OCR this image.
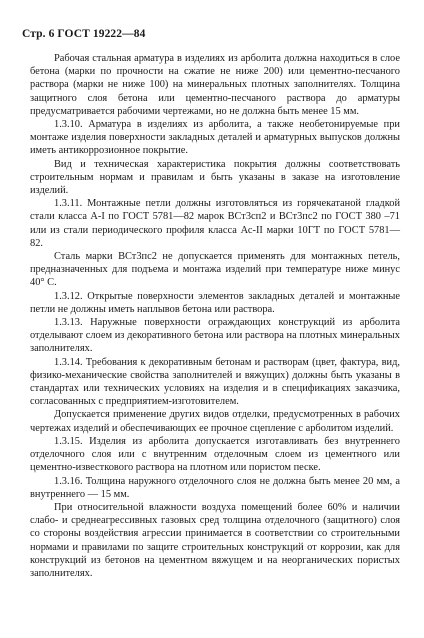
Стр. 6 ГОСТ 19222—84

Рабочая стальная арматура в изделиях из арболита должна находиться в слое бетона (марки по прочности на сжатие не ниже 200) или цементно-песчаного раствора (марки не ниже 100) на минеральных плотных заполнителях. Толщина защитного слоя бетона или цементно-песчаного раствора до арматуры предусматривается рабочими чертежами, но не должна быть менее 15 мм.

1.3.10. Арматура в изделиях из арболита, а также необетонируемые при монтаже изделия поверхности закладных деталей и арматурных выпусков должны иметь антикоррозионное покрытие.

Вид и техническая характеристика покрытия должны соответствовать строительным нормам и правилам и быть указаны в заказе на изготовление изделий.

1.3.11. Монтажные петли должны изготовляться из горячекатаной гладкой стали класса А-I по ГОСТ 5781—82 марок ВСт3сп2 и ВСт3пс2 по ГОСТ 380 –71 или из стали периодического профиля класса Ас-II марки 10ГТ по ГОСТ 5781—82.

Сталь марки ВСт3пс2 не допускается применять для монтажных петель, предназначенных для подъема и монтажа изделий при температуре ниже минус 40° С.

1.3.12. Открытые поверхности элементов закладных деталей и монтажные петли не должны иметь наплывов бетона или раствора.

1.3.13. Наружные поверхности ограждающих конструкций из арболита отделывают слоем из декоративного бетона или раствора на плотных минеральных заполнителях.

1.3.14. Требования к декоративным бетонам и растворам (цвет, фактура, вид, физико-механические свойства заполнителей и вяжущих) должны быть указаны в стандартах или технических условиях на изделия и в спецификациях заказчика, согласованных с предприятием-изготовителем.

Допускается применение других видов отделки, предусмотренных в рабочих чертежах изделий и обеспечивающих ее прочное сцепление с арболитом изделий.

1.3.15. Изделия из арболита допускается изготавливать без внутреннего отделочного слоя или с внутренним отделочным слоем из цементного или цементно-известкового раствора на плотном или пористом песке.

1.3.16. Толщина наружного отделочного слоя не должна быть менее 20 мм, а внутреннего — 15 мм.

При относительной влажности воздуха помещений более 60% и наличии слабо- и среднеагрессивных газовых сред толщина отделочного (защитного) слоя со стороны воздействия агрессии принимается в соответствии со строительными нормами и правилами по защите строительных конструкций от коррозии, как для конструкций из бетонов на цементном вяжущем и на неорганических пористых заполнителях.
